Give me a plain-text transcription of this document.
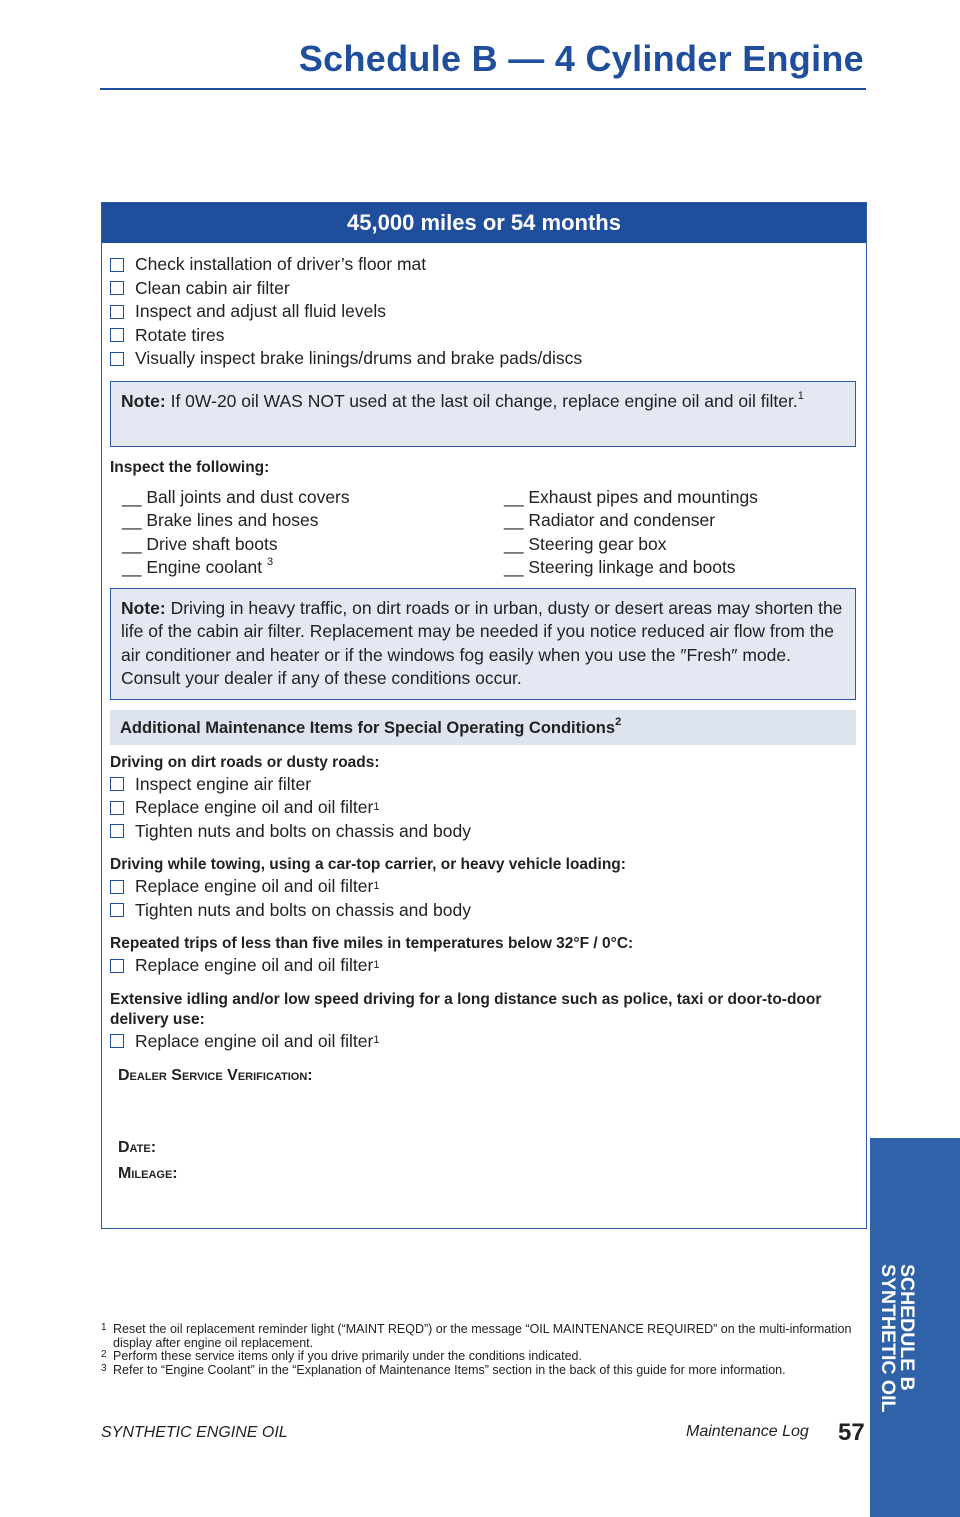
Schedule B — 4 Cylinder Engine
45,000 miles or 54 months
Check installation of driver’s floor mat
Clean cabin air filter
Inspect and adjust all fluid levels
Rotate tires
Visually inspect brake linings/drums and brake pads/discs
Note: If 0W-20 oil WAS NOT used at the last oil change, replace engine oil and oil filter.$^1$
Inspect the following:
__ Ball joints and dust covers	__ Exhaust pipes and mountings
__ Brake lines and hoses	__ Radiator and condenser
__ Drive shaft boots	__ Steering gear box
__ Engine coolant $^3$	__ Steering linkage and boots
Note: Driving in heavy traffic, on dirt roads or in urban, dusty or desert areas may shorten the life of the cabin air filter. Replacement may be needed if you notice reduced air flow from the air conditioner and heater or if the windows fog easily when you use the ″Fresh″ mode. Consult your dealer if any of these conditions occur.
Additional Maintenance Items for Special Operating Conditions$^2$
Driving on dirt roads or dusty roads:
Inspect engine air filter
Replace engine oil and oil filter $^1$
Tighten nuts and bolts on chassis and body
Driving while towing, using a car-top carrier, or heavy vehicle loading:
Replace engine oil and oil filter $^1$
Tighten nuts and bolts on chassis and body
Repeated trips of less than five miles in temperatures below 32°F / 0°C:
Replace engine oil and oil filter $^1$
Extensive idling and/or low speed driving for a long distance such as police, taxi or door-to-door delivery use:
Replace engine oil and oil filter $^1$
Dealer Service Verification:
Date:
Mileage:
1 Reset the oil replacement reminder light (“MAINT REQD”) or the message “OIL MAINTENANCE REQUIRED” on the multi-information display after engine oil replacement.
2 Perform these service items only if you drive primarily under the conditions indicated.
3 Refer to “Engine Coolant” in the “Explanation of Maintenance Items” section in the back of this guide for more information.
SYNTHETIC ENGINE OIL	Maintenance Log 57
SCHEDULE B
SYNTHETIC OIL
